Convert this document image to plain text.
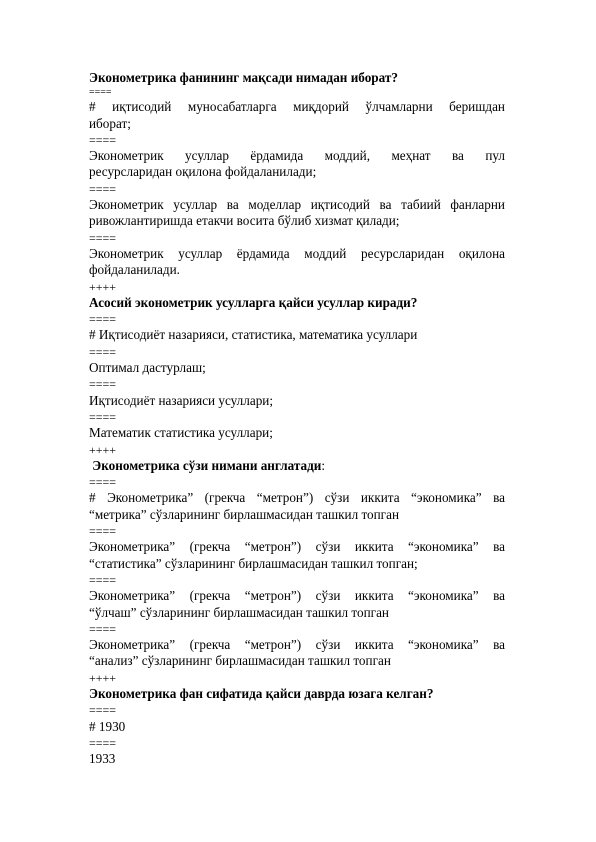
Эконометрика фанининг мақсади нимадан иборат?

====

# иқтисодий муносабатларга миқдорий ўлчамларни беришдан

иборат;

====

Эконометрик усуллар ёрдамида моддий, меҳнат ва пул

ресурсларидан оқилона фойдаланилади;

====

Эконометрик усуллар ва моделлар иқтисодий ва табиий фанларни

ривожлантиришда етакчи восита бўлиб хизмат қилади;

====

Эконометрик усуллар ёрдамида моддий ресурсларидан оқилона

фойдаланилади.

++++

Асосий эконометрик усулларга қайси усуллар киради?

====

# Иқтисодиёт назарияси, статистика, математика усуллари

====

Оптимал дастурлаш;

====

Иқтисодиёт назарияси усуллари;

====

Математик статистика усуллари;

++++

Эконометрика сўзи нимани англатади:

====

# Эконометрика” (грекча “метрон”) сўзи иккита “экономика” ва

“метрика” сўзларининг бирлашмасидан ташкил топган

====

Эконометрика” (грекча “метрон”) сўзи иккита “экономика” ва

“статистика” сўзларининг бирлашмасидан ташкил топган;

====

Эконометрика” (грекча “метрон”) сўзи иккита “экономика” ва

“ўлчаш” сўзларининг бирлашмасидан ташкил топган

====

Эконометрика” (грекча “метрон”) сўзи иккита “экономика” ва

“анализ” сўзларининг бирлашмасидан ташкил топган

++++

Эконометрика фан сифатида қайси даврда юзага келган?

====

# 1930

====

1933
